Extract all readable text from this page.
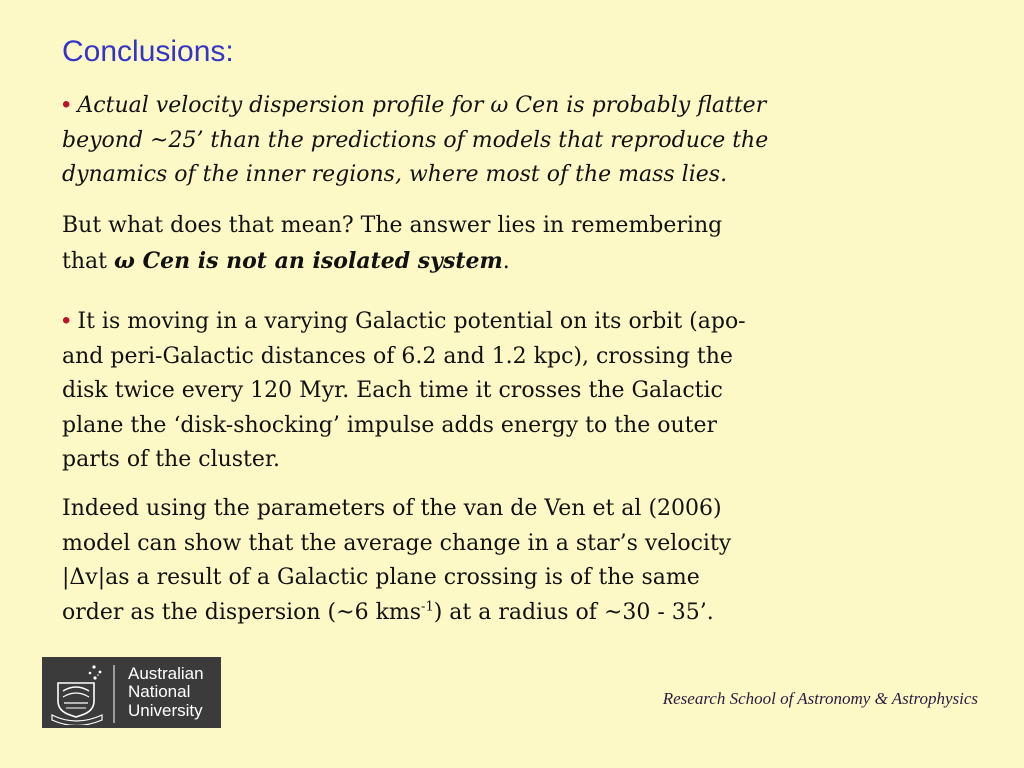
Conclusions:
• Actual velocity dispersion profile for ω Cen is probably flatter
beyond ~25’ than the predictions of models that reproduce the
dynamics of the inner regions, where most of the mass lies.
But what does that mean? The answer lies in remembering
that ω Cen is not an isolated system.
• It is moving in a varying Galactic potential on its orbit (apo-
and peri-Galactic distances of 6.2 and 1.2 kpc), crossing the
disk twice every 120 Myr. Each time it crosses the Galactic
plane the ‘disk-shocking’ impulse adds energy to the outer
parts of the cluster.
Indeed using the parameters of the van de Ven et al (2006)
model can show that the average change in a star’s velocity
|Δv|as a result of a Galactic plane crossing is of the same
order as the dispersion (~6 kms$^{-1}$) at a radius of ~30 - 35’.
Australian
National
University
Research School of Astronomy & Astrophysics
